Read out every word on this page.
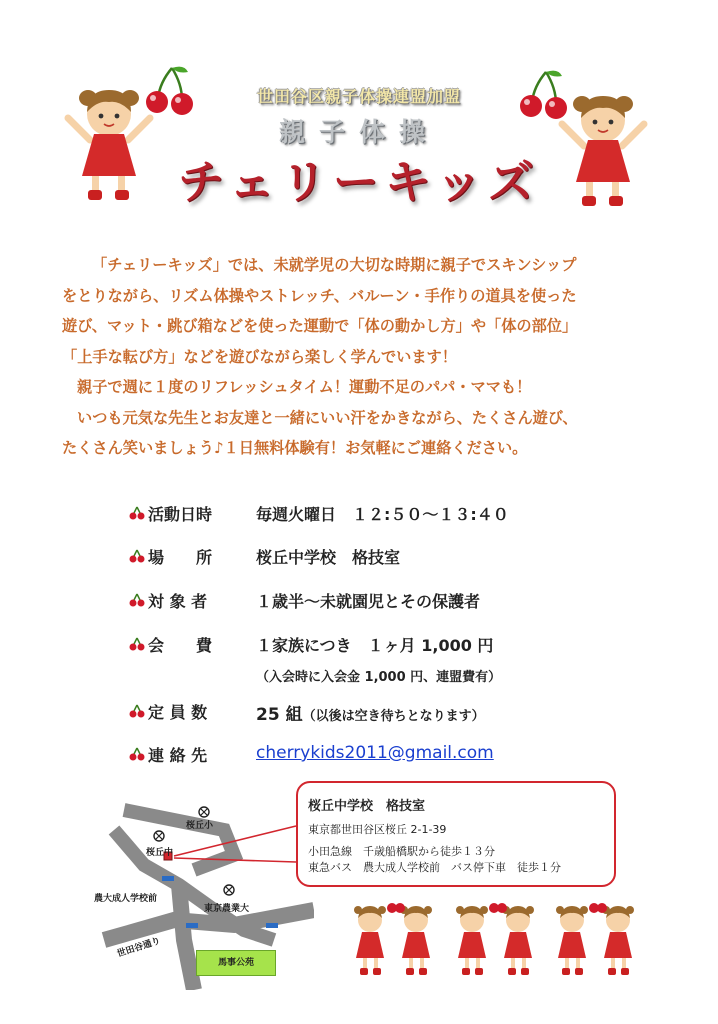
世田谷区親子体操連盟加盟
親子体操
チェリーキッズ
「チェリーキッズ」では、未就学児の大切な時期に親子でスキンシップ
をとりながら、リズム体操やストレッチ、バルーン・手作りの道具を使った
遊び、マット・跳び箱などを使った運動で「体の動かし方」や「体の部位」
「上手な転び方」などを遊びながら楽しく学んでいます！
親子で週に１度のリフレッシュタイム！運動不足のパパ・ママも！
いつも元気な先生とお友達と一緒にいい汗をかきながら、たくさん遊び、
たくさん笑いましょう♪１日無料体験有！お気軽にご連絡ください。
活動日時	毎週火曜日　１２:５０～１３:４０
場　　所	桜丘中学校　格技室
対 象 者	１歳半～未就園児とその保護者
会　　費	１家族につき　１ヶ月 1,000 円
（入会時に入会金 1,000 円、連盟費有）
定 員 数	25 組（以後は空き待ちとなります）
連 絡 先	cherrykids2011@gmail.com
桜丘小
桜丘中
農大成人学校前
東京農業大
世田谷通り
馬事公苑
桜丘中学校　格技室
東京都世田谷区桜丘 2-1-39
小田急線　千歳船橋駅から徒歩１３分
東急バス　農大成人学校前　バス停下車　徒歩１分
